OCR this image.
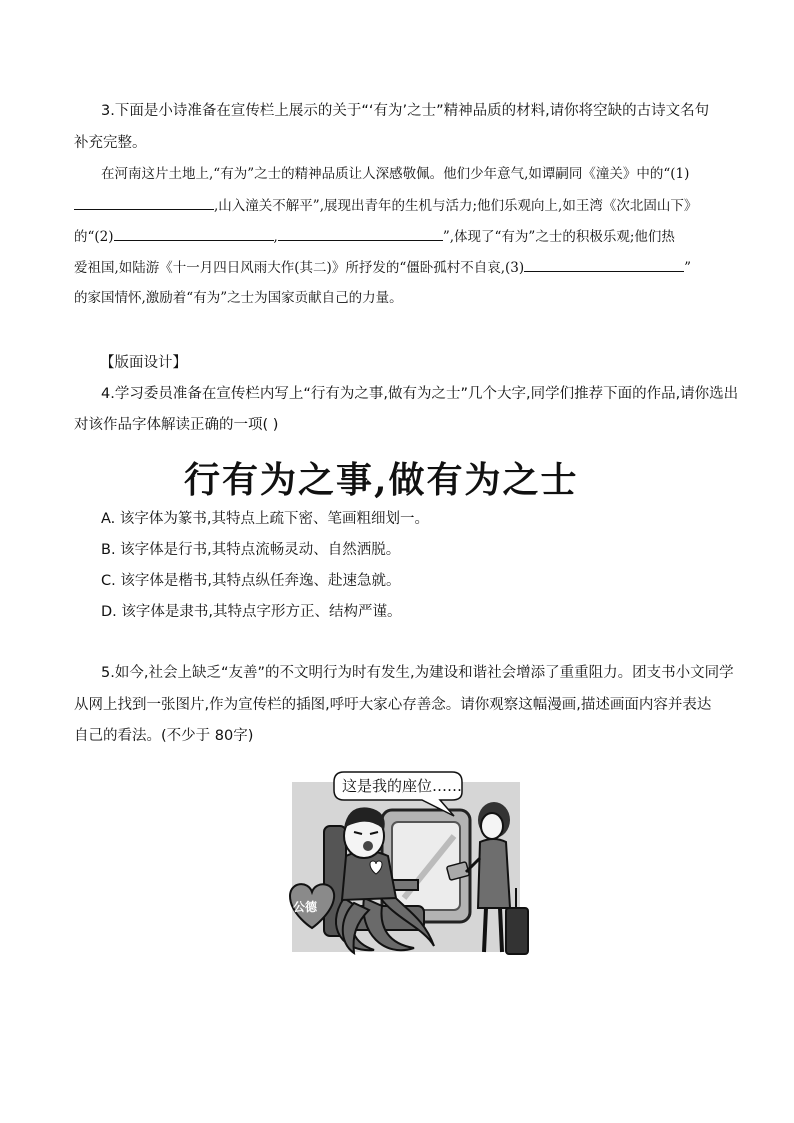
3.下面是小诗准备在宣传栏上展示的关于“‘有为’之士”精神品质的材料,请你将空缺的古诗文名句
补充完整。
在河南这片土地上,“有为”之士的精神品质让人深感敬佩。他们少年意气,如谭嗣同《潼关》中的“(1)
,山入潼关不解平”,展现出青年的生机与活力;他们乐观向上,如王湾《次北固山下》
的“(2)	,	”,体现了“有为”之士的积极乐观;他们热
爱祖国,如陆游《十一月四日风雨大作(其二)》所抒发的“僵卧孤村不自哀,(3)	”
的家国情怀,激励着“有为”之士为国家贡献自己的力量。
【版面设计】
4.学习委员准备在宣传栏内写上“行有为之事,做有为之士”几个大字,同学们推荐下面的作品,请你选出
对该作品字体解读正确的一项( )
行有为之事,做有为之士
A. 该字体为篆书,其特点上疏下密、笔画粗细划一。
B. 该字体是行书,其特点流畅灵动、自然洒脱。
C. 该字体是楷书,其特点纵任奔逸、赴速急就。
D. 该字体是隶书,其特点字形方正、结构严谨。
5.如今,社会上缺乏“友善”的不文明行为时有发生,为建设和谐社会增添了重重阻力。团支书小文同学
从网上找到一张图片,作为宣传栏的插图,呼吁大家心存善念。请你观察这幅漫画,描述画面内容并表达
自己的看法。(不少于 80字)
这是我的座位……
公德
